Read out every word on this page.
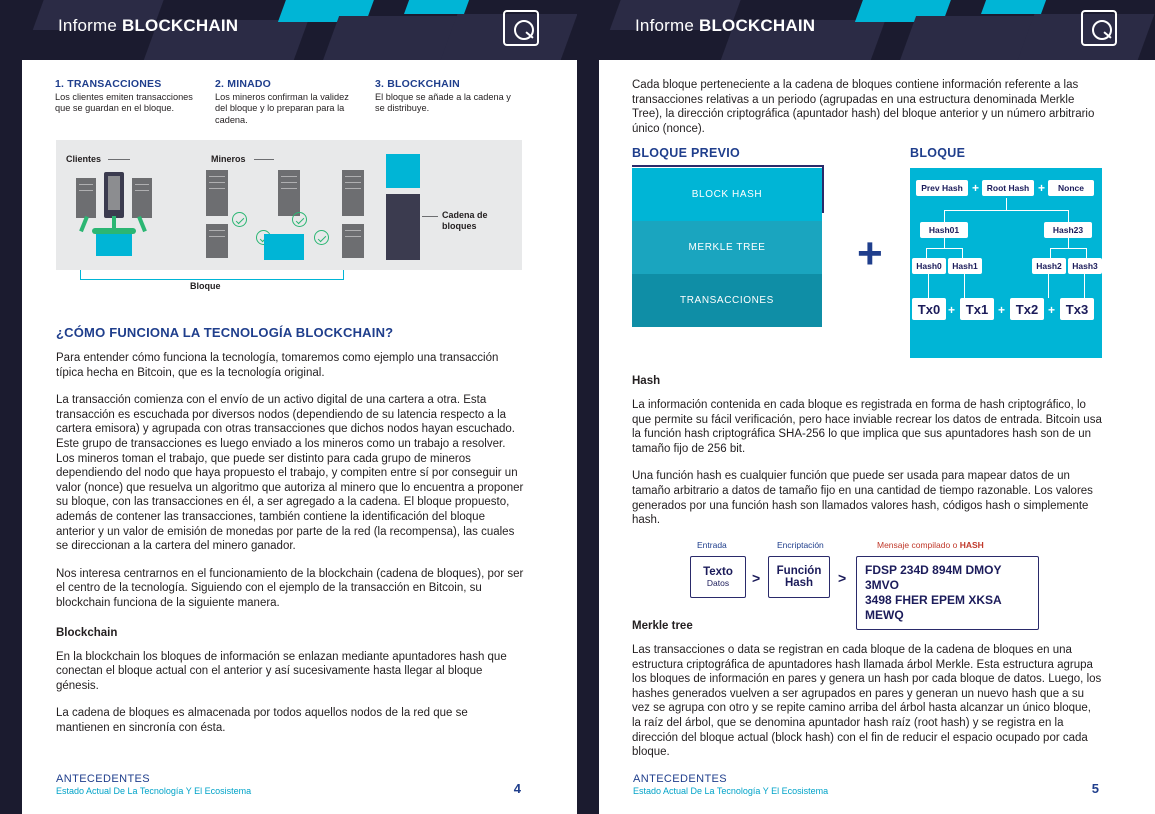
Informe BLOCKCHAIN
1. TRANSACCIONES
Los clientes emiten transacciones que se guardan en el bloque.
2. MINADO
Los mineros confirman la validez del bloque y lo preparan para la cadena.
3. BLOCKCHAIN
El bloque se añade a la cadena y se distribuye.
Clientes	Mineros
Cadena de bloques
Bloque
¿CÓMO FUNCIONA LA TECNOLOGÍA BLOCKCHAIN?

Para entender cómo funciona la tecnología, tomaremos como ejemplo una transacción típica hecha en Bitcoin, que es la tecnología original.

La transacción comienza con el envío de un activo digital de una cartera a otra. Esta transacción es escuchada por diversos nodos (dependiendo de su latencia respecto a la cartera emisora) y agrupada con otras transacciones que dichos nodos hayan escuchado. Este grupo de transacciones es luego enviado a los mineros como un trabajo a resolver. Los mineros toman el trabajo, que puede ser distinto para cada grupo de mineros dependiendo del nodo que haya propuesto el trabajo, y compiten entre sí por conseguir un valor (nonce) que resuelva un algoritmo que autoriza al minero que lo encuentra a proponer su bloque, con las transacciones en él, a ser agregado a la cadena. El bloque propuesto, además de contener las transacciones, también contiene la identificación del bloque anterior y un valor de emisión de monedas por parte de la red (la recompensa), las cuales se direccionan a la cartera del minero ganador.

Nos interesa centrarnos en el funcionamiento de la blockchain (cadena de bloques), por ser el centro de la tecnología. Siguiendo con el ejemplo de la transacción en Bitcoin, su blockchain funciona de la siguiente manera.

Blockchain

En la blockchain los bloques de información se enlazan mediante apuntadores hash que conectan el bloque actual con el anterior y así sucesivamente hasta llegar al bloque génesis.

La cadena de bloques es almacenada por todos aquellos nodos de la red que se mantienen en sincronía con ésta.

ANTECEDENTES
Estado Actual De La Tecnología Y El Ecosistema	4
Informe BLOCKCHAIN

Cada bloque perteneciente a la cadena de bloques contiene información referente a las transacciones relativas a un periodo (agrupadas en una estructura denominada Merkle Tree), la dirección criptográfica (apuntador hash) del bloque anterior y un número arbitrario único (nonce).

BLOQUE PREVIO	BLOQUE
BLOCK HASH
MERKLE TREE
TRANSACCIONES
+
Prev Hash + Root Hash +	Nonce
Hash01	Hash23
Hash0	Hash1	Hash2	Hash3
Tx0 + Tx1 + Tx2 + Tx3
Hash

La información contenida en cada bloque es registrada en forma de hash criptográfico, lo que permite su fácil verificación, pero hace inviable recrear los datos de entrada. Bitcoin usa la función hash criptográfica SHA-256 lo que implica que sus apuntadores hash son de un tamaño fijo de 256 bit.

Una función hash es cualquier función que puede ser usada para mapear datos de un tamaño arbitrario a datos de tamaño fijo en una cantidad de tiempo razonable. Los valores generados por una función hash son llamados valores hash, códigos hash o simplemente hash.

Entrada	Encriptación	Mensaje compilado o HASH
Texto
Datos > Función
Hash > FDSP 234D 894M DMOY 3MVO
3498 FHER EPEM XKSA MEWQ
Merkle tree

Las transacciones o data se registran en cada bloque de la cadena de bloques en una estructura criptográfica de apuntadores hash llamada árbol Merkle. Esta estructura agrupa los bloques de información en pares y genera un hash por cada bloque de datos. Luego, los hashes generados vuelven a ser agrupados en pares y generan un nuevo hash que a su vez se agrupa con otro y se repite camino arriba del árbol hasta alcanzar un único bloque, la raíz del árbol, que se denomina apuntador hash raíz (root hash) y se registra en la dirección del bloque actual (block hash) con el fin de reducir el espacio ocupado por cada bloque.

ANTECEDENTES
Estado Actual De La Tecnología Y El Ecosistema	5
